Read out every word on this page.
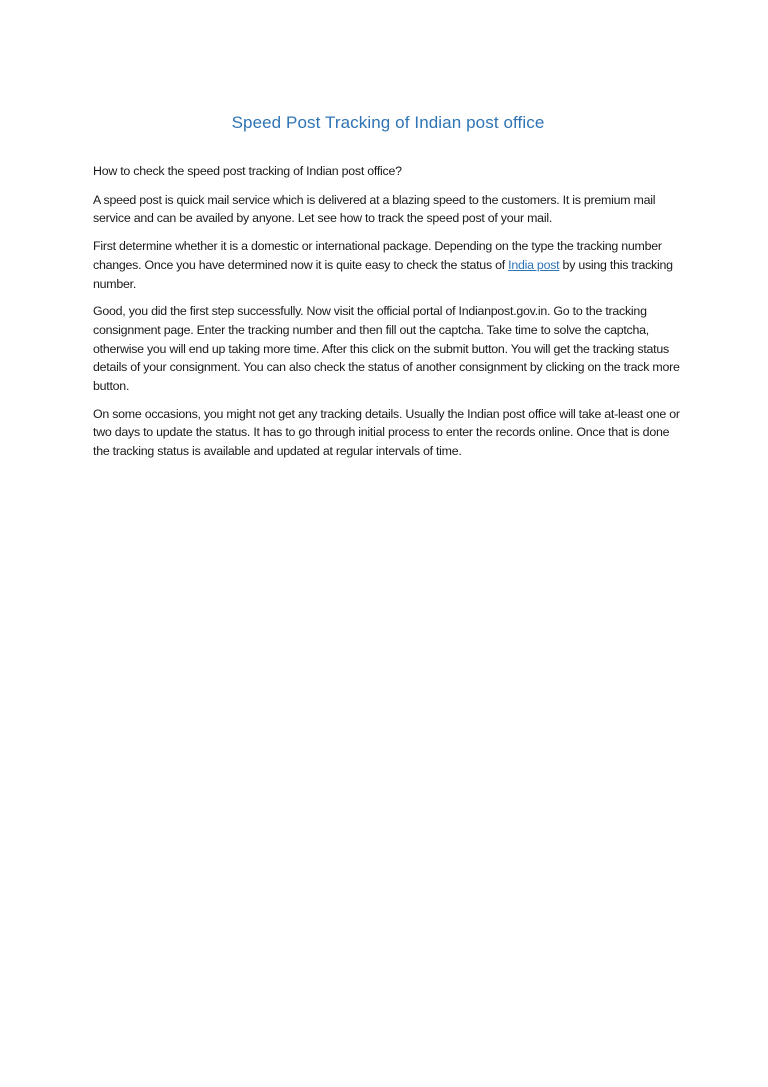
Speed Post Tracking of Indian post office

How to check the speed post tracking of Indian post office?

A speed post is quick mail service which is delivered at a blazing speed to the customers. It is premium mail service and can be availed by anyone. Let see how to track the speed post of your mail.

First determine whether it is a domestic or international package. Depending on the type the tracking number changes. Once you have determined now it is quite easy to check the status of India post by using this tracking number.

Good, you did the first step successfully. Now visit the official portal of Indianpost.gov.in. Go to the tracking consignment page. Enter the tracking number and then fill out the captcha. Take time to solve the captcha, otherwise you will end up taking more time. After this click on the submit button. You will get the tracking status details of your consignment. You can also check the status of another consignment by clicking on the track more button.

On some occasions, you might not get any tracking details. Usually the Indian post office will take at-least one or two days to update the status. It has to go through initial process to enter the records online. Once that is done the tracking status is available and updated at regular intervals of time.
